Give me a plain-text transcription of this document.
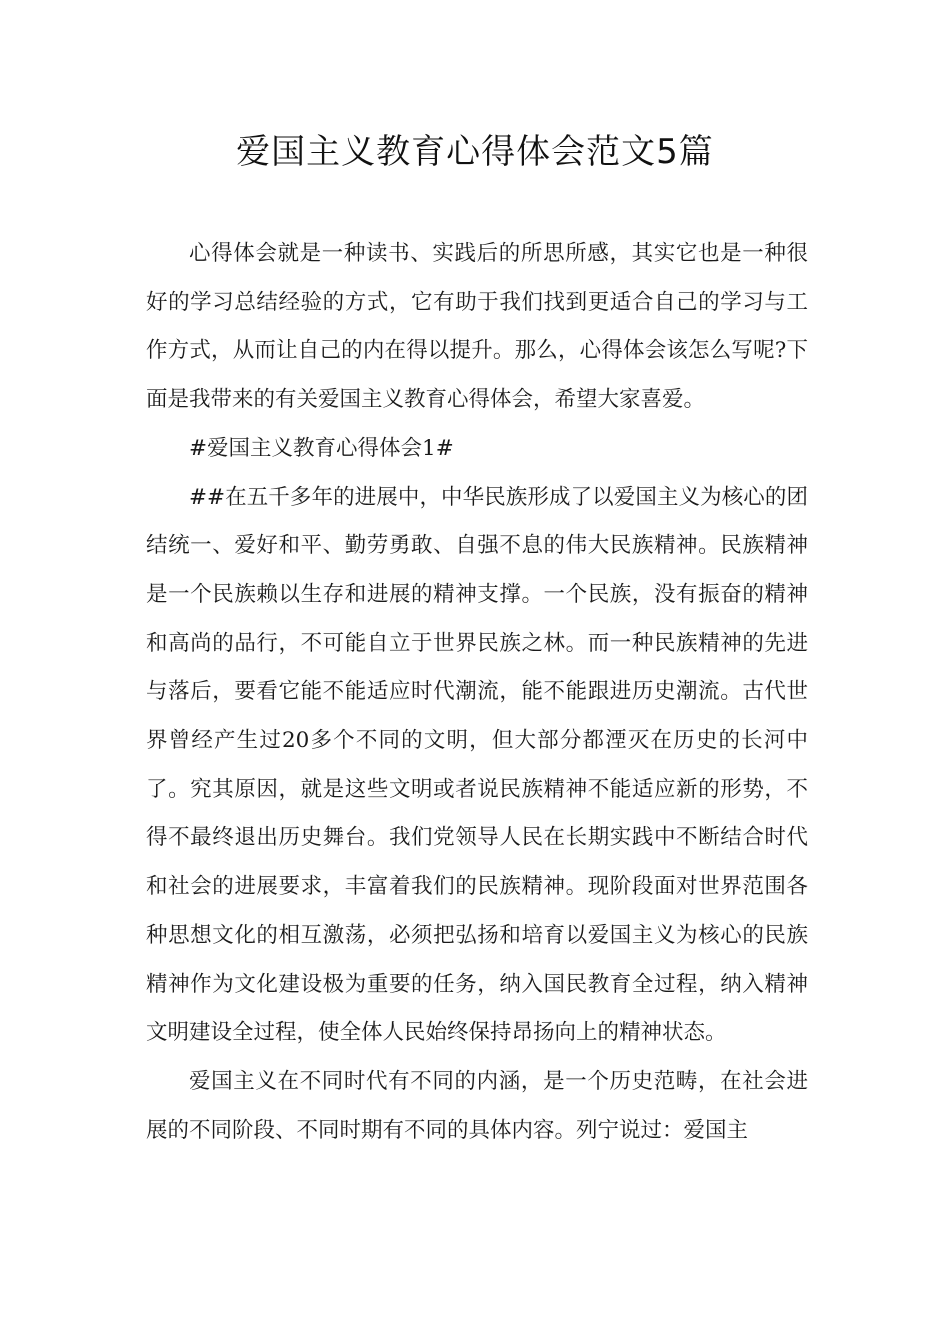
爱国主义教育心得体会范文5篇

心得体会就是一种读书、实践后的所思所感，其实它也是一种很好的学习总结经验的方式，它有助于我们找到更适合自己的学习与工作方式，从而让自己的内在得以提升。那么，心得体会该怎么写呢?下面是我带来的有关爱国主义教育心得体会，希望大家喜爱。

#爱国主义教育心得体会1#

##在五千多年的进展中，中华民族形成了以爱国主义为核心的团结统一、爱好和平、勤劳勇敢、自强不息的伟大民族精神。民族精神是一个民族赖以生存和进展的精神支撑。一个民族，没有振奋的精神和高尚的品行，不可能自立于世界民族之林。而一种民族精神的先进与落后，要看它能不能适应时代潮流，能不能跟进历史潮流。古代世界曾经产生过20多个不同的文明，但大部分都湮灭在历史的长河中了。究其原因，就是这些文明或者说民族精神不能适应新的形势，不得不最终退出历史舞台。我们党领导人民在长期实践中不断结合时代和社会的进展要求，丰富着我们的民族精神。现阶段面对世界范围各种思想文化的相互激荡，必须把弘扬和培育以爱国主义为核心的民族精神作为文化建设极为重要的任务，纳入国民教育全过程，纳入精神文明建设全过程，使全体人民始终保持昂扬向上的精神状态。

爱国主义在不同时代有不同的内涵，是一个历史范畴，在社会进展的不同阶段、不同时期有不同的具体内容。列宁说过：爱国主
